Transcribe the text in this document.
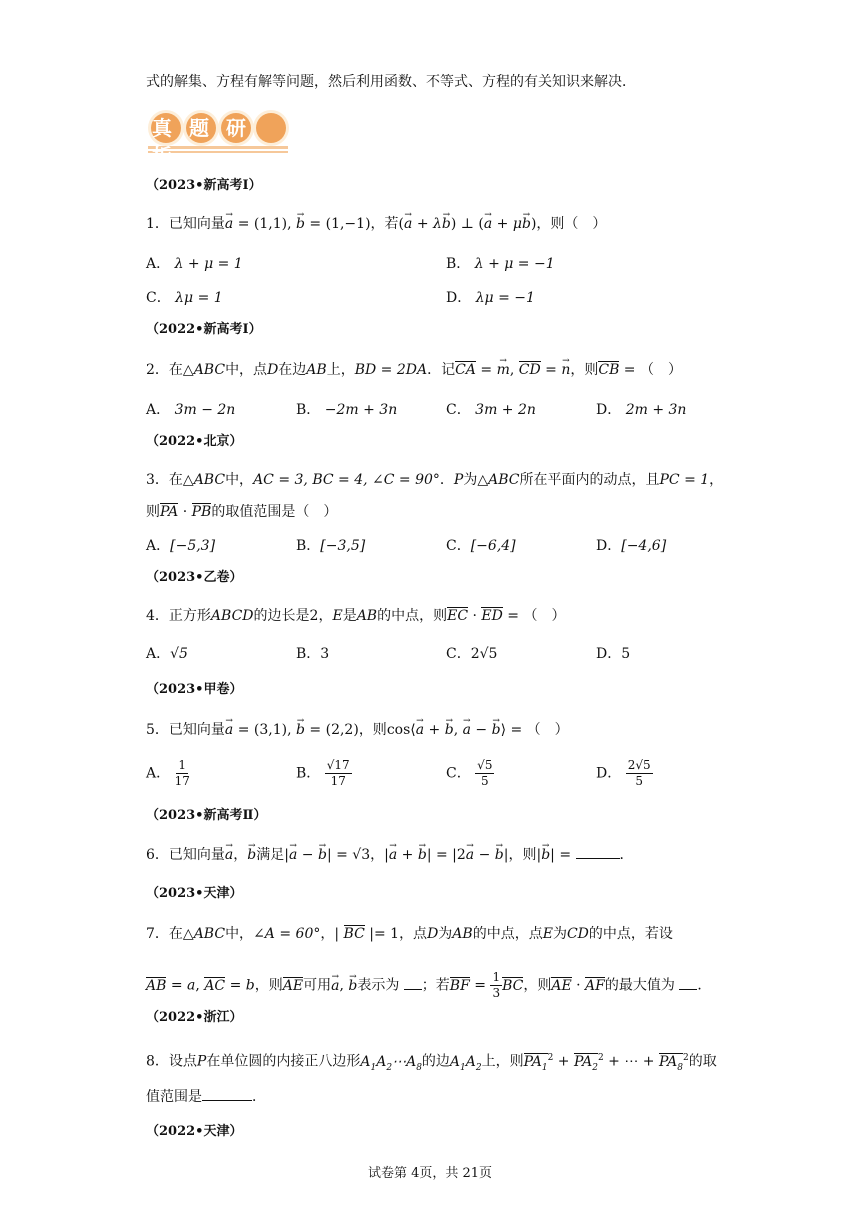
式的解集、方程有解等问题，然后利用函数、不等式、方程的有关知识来解决．
真题研析
（2023•新高考Ⅰ）
1．已知向量a → = (1,1), b → = (1,−1)，若(a → + λb →) ⊥ (a → + μb →)，则（　）
A． λ + μ = 1	B． λ + μ = −1
C． λμ = 1	D． λμ = −1
（2022•新高考Ⅰ）
2．在△ABC中，点D在边AB上，BD = 2DA．记CA = m →, CD = n →，则CB = （　）
A． 3m − 2n	B． −2m + 3n	C． 3m + 2n	D． 2m + 3n
（2022•北京）
3．在△ABC中，AC = 3, BC = 4, ∠C = 90°．P为△ABC所在平面内的动点，且PC = 1，
则PA · PB的取值范围是（　）
A．[−5,3]	B．[−3,5]	C．[−6,4]	D．[−4,6]
（2023•乙卷）
4．正方形ABCD的边长是2，E是AB的中点，则EC · ED = （　）
A．√5	B．3	C．2√5	D．5
（2023•甲卷）
5．已知向量a → = (3,1), b → = (2,2)，则cos⟨a → + b →, a → − b →⟩ = （　）
A． $\frac{1}{17}$	B． $\frac{√17}{17}$	C． $\frac{√5}{5}$	D． $\frac{2√5}{5}$
（2023•新高考Ⅱ）
6．已知向量a →，b →满足|a → − b →| = √3，|a → + b →| = |2a → − b →|，则|b →| =	．
（2023•天津）
7．在△ABC中，∠A = 60°，| BC |= 1，点D为AB的中点，点E为CD的中点，若设
AB = a, AC = b，则AE可用a →, b →表示为 ；若BF = $\frac{1}{3}$ BC，则AE · AF的最大值为 ．
（2022•浙江）
8．设点P在单位圆的内接正八边形$A_1A_2\cdots A_8$的边$A_1A_2$上，则$PA_1^2 + PA_2^2$ + ⋯ + $PA_8^2$的取
值范围是	．
（2022•天津）
试卷第 4页，共 21页
